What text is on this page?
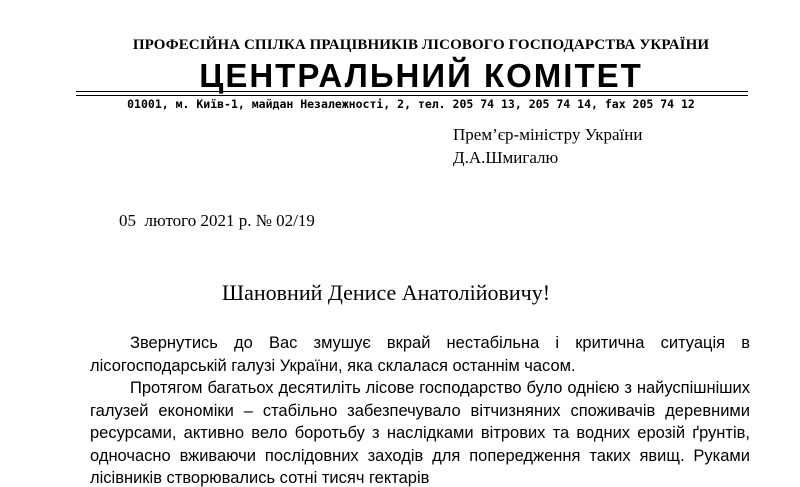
ПРОФЕСІЙНА СПІЛКА ПРАЦІВНИКІВ ЛІСОВОГО ГОСПОДАРСТВА УКРАЇНИ
ЦЕНТРАЛЬНИЙ КОМІТЕТ
01001, м. Київ-1, майдан Незалежності, 2, тел. 205 74 13, 205 74 14, fax 205 74 12
Прем’єр-міністру України
Д.А.Шмигалю
05  лютого 2021 р. № 02/19
Шановний Денисе Анатолійовичу!

Звернутись до Вас змушує вкрай нестабільна і критична ситуація в лісогосподарській галузі України, яка склалася останнім часом.

Протягом багатьох десятиліть лісове господарство було однією з найуспішніших галузей економіки – стабільно забезпечувало вітчизняних споживачів деревними ресурсами, активно вело боротьбу з наслідками вітрових та водних ерозій ґрунтів, одночасно вживаючи послідовних заходів для попередження таких явищ. Руками лісівників створювались сотні тисяч гектарів
